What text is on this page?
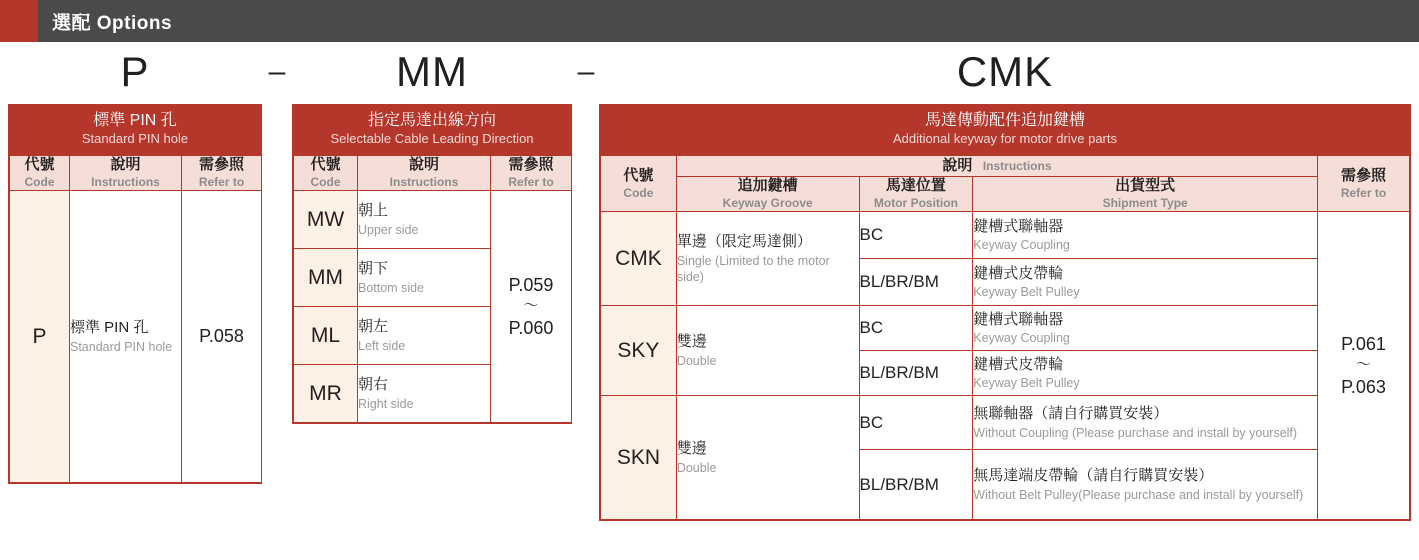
選配 Options
P	–	MM	–	CMK
標準 PIN 孔
Standard PIN hole
代號
Code	說明
Instructions	需參照
Refer to

P	標準 PIN 孔
Standard PIN hole	P.058
指定馬達出線方向
Selectable Cable Leading Direction
代號
Code	說明
Instructions	需參照
Refer to

MW	朝上
Upper side	P.059
～
P.060
MM	朝下
Bottom side	

ML	朝左
Left side	

MR	朝右
Right side	
馬達傳動配件追加鍵槽
Additional keyway for motor drive parts
代號
Code	說明 Instructions			需參照
Refer to

	追加鍵槽
Keyway Groove	馬達位置
Motor Position	出貨型式
Shipment Type	

CMK	單邊（限定馬達側）
Single (Limited to the motor side)	BC	鍵槽式聯軸器
Keyway Coupling	P.061
～
P.063
		BL/BR/BM	鍵槽式皮帶輪
Keyway Belt Pulley	

SKY	雙邊
Double	BC	鍵槽式聯軸器
Keyway Coupling	

		BL/BR/BM	鍵槽式皮帶輪
Keyway Belt Pulley	

SKN	雙邊
Double	BC	無聯軸器（請自行購買安裝）
Without Coupling (Please purchase and install by yourself)	

		BL/BR/BM	無馬達端皮帶輪（請自行購買安裝）
Without Belt Pulley(Please purchase and install by yourself)	
